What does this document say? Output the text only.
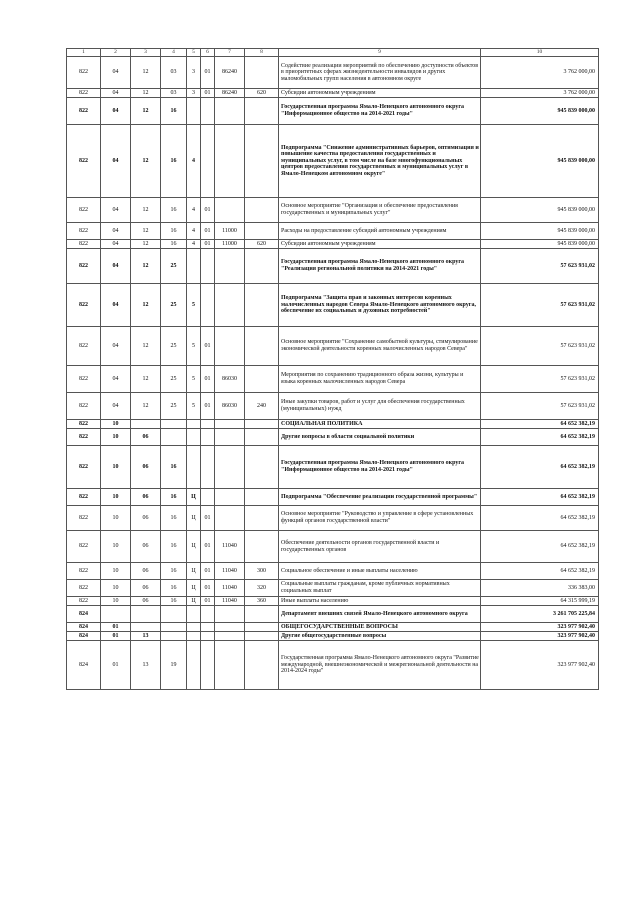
1	2	3	4	5	6	7	8	9	10
822	04	12	03	3	01	86240		Содействие реализации мероприятий по обеспечению доступности объектов в приоритетных сферах жизнедеятельности инвалидов и других маломобильных групп населения в автономном округе	3 762 000,00
822	04	12	03	3	01	86240	620	Субсидии автономным учреждениям	3 762 000,00
822	04	12	16					Государственная программа Ямало-Ненецкого автономного округа "Информационное общество на 2014-2021 годы"	945 839 000,00
822	04	12	16	4				Подпрограмма "Снижение административных барьеров, оптимизация и повышение качества предоставления государственных и муниципальных услуг, в том числе на базе многофункциональных центров предоставления государственных и муниципальных услуг в Ямало-Ненецком автономном округе"	945 839 000,00
822	04	12	16	4	01			Основное мероприятие "Организация и обеспечение предоставления государственных и муниципальных услуг"	945 839 000,00
822	04	12	16	4	01	11000		Расходы на предоставление субсидий автономным учреждениям	945 839 000,00
822	04	12	16	4	01	11000	620	Субсидии автономным учреждениям	945 839 000,00
822	04	12	25					Государственная программа Ямало-Ненецкого автономного округа "Реализация региональной политики на 2014-2021 годы"	57 623 931,02
822	04	12	25	5				Подпрограмма "Защита прав и законных интересов коренных малочисленных народов Севера Ямало-Ненецкого автономного округа, обеспечение их социальных и духовных потребностей"	57 623 931,02
822	04	12	25	5	01			Основное мероприятие "Сохранение самобытной культуры, стимулирование экономической деятельности коренных малочисленных народов Севера"	57 623 931,02
822	04	12	25	5	01	86030		Мероприятия по сохранению традиционного образа жизни, культуры и языка коренных малочисленных народов Севера	57 623 931,02
822	04	12	25	5	01	86030	240	Иные закупки товаров, работ и услуг для обеспечения государственных (муниципальных) нужд	57 623 931,02
822	10							СОЦИАЛЬНАЯ ПОЛИТИКА	64 652 382,19
822	10	06						Другие вопросы в области социальной политики	64 652 382,19
822	10	06	16					Государственная программа Ямало-Ненецкого автономного округа "Информационное общество на 2014-2021 годы"	64 652 382,19
822	10	06	16	Ц				Подпрограмма "Обеспечение реализации государственной программы"	64 652 382,19
822	10	06	16	Ц	01			Основное мероприятие "Руководство и управление в сфере установленных функций органов государственной власти"	64 652 382,19
822	10	06	16	Ц	01	11040		Обеспечение деятельности органов государственной власти и государственных органов	64 652 382,19
822	10	06	16	Ц	01	11040	300	Социальное обеспечение и иные выплаты населению	64 652 382,19
822	10	06	16	Ц	01	11040	320	Социальные выплаты гражданам, кроме публичных нормативных социальных выплат	336 383,00
822	10	06	16	Ц	01	11040	360	Иные выплаты населению	64 315 999,19
824								Департамент внешних связей Ямало-Ненецкого автономного округа	3 261 705 225,84
824	01							ОБЩЕГОСУДАРСТВЕННЫЕ ВОПРОСЫ	323 977 902,40
824	01	13						Другие общегосударственные вопросы	323 977 902,40
824	01	13	19					Государственная программа Ямало-Ненецкого автономного округа "Развитие международной, внешнеэкономической и межрегиональной деятельности на 2014-2024 годы"	323 977 902,40
